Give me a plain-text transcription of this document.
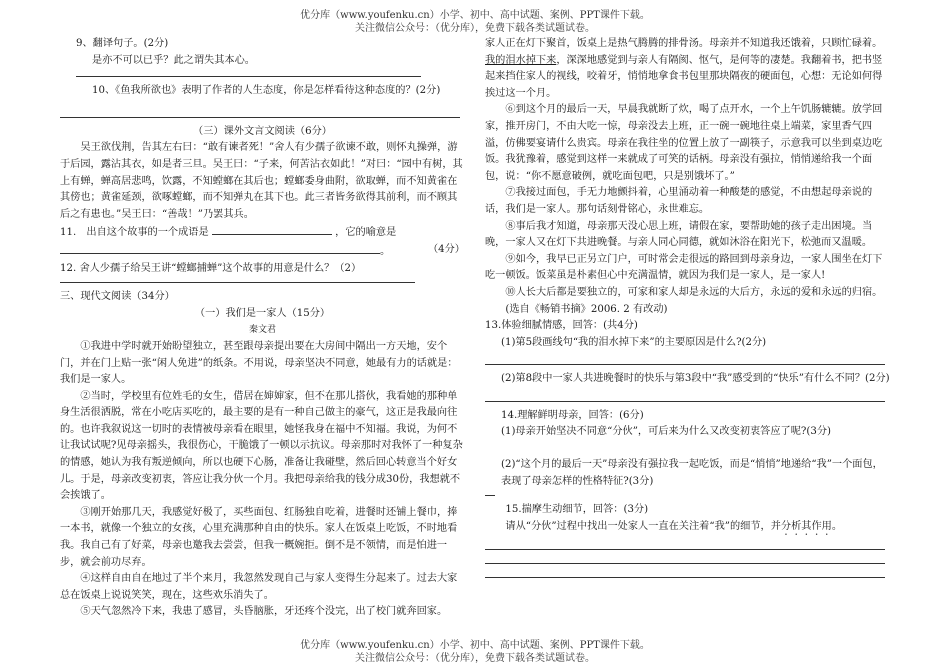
优分库（www.youfenku.cn）小学、初中、高中试题、案例、PPT课件下载。
关注微信公众号：（优分库），免费下载各类试题试卷。

9、翻译句子。(2分)

是亦不可以已乎？此之谓失其本心。

10、《鱼我所欲也》表明了作者的人生态度，你是怎样看待这种态度的？(2分)

（三）课外文言文阅读（6分）

吴王欲伐荆，告其左右曰：“敢有谏者死！”舍人有少孺子欲谏不敢，则怀丸操弹，游于后园，露沾其衣，如是者三旦。吴王曰：“子来，何苦沾衣如此！”对曰：“园中有树，其上有蝉，蝉高居悲鸣，饮露，不知螳螂在其后也；螳螂委身曲附，欲取蝉，而不知黄雀在其傍也；黄雀延颈，欲啄螳螂，而不知弹丸在其下也。此三者皆务欲得其前利，而不顾其后之有患也。”吴王曰：“善哉！”乃罢其兵。

11.　出自这个故事的一个成语是	，它的喻意是

。	（4分）

12. 舍人少孺子给吴王讲“螳螂捕蝉”这个故事的用意是什么？（2）

三、现代文阅读（34分）

（一）我们是一家人（15分）

秦文君

①我进中学时就开始盼望独立，甚至跟母亲提出要在大房间中隔出一方天地，安个门，并在门上贴一张“闲人免进”的纸条。不用说，母亲坚决不同意，她最有力的话就是：我们是一家人。

②当时，学校里有位姓毛的女生，借居在婶婶家，但不在那儿搭伙，我看她的那种单身生活很洒脱，常在小吃店买吃的，最主要的是有一种自己做主的豪气，这正是我最向往的。也许我叙说这一切时的表情被母亲看在眼里，她怪我身在福中不知福。我说，为何不让我试试呢?见母亲摇头，我很伤心，干脆饿了一顿以示抗议。母亲那时对我怀了一种复杂的情感，她认为我有叛逆倾向，所以也硬下心肠，准备让我碰壁，然后回心转意当个好女儿。于是，母亲改变初衷，答应让我分伙一个月。我把母亲给我的钱分成30份，我想就不会挨饿了。

③刚开始那几天，我感觉好极了，买些面包、红肠独自吃着，进餐时还铺上餐巾，捧一本书，就像一个独立的女孩，心里充满那种自由的快乐。家人在饭桌上吃饭，不时地看我。我自己有了好菜，母亲也邀我去尝尝，但我一概婉拒。倒不是不领情，而是怕进一步，就会前功尽弃。

④这样自由自在地过了半个来月，我忽然发现自己与家人变得生分起来了。过去大家总在饭桌上说说笑笑，现在，这些欢乐消失了。

⑤天气忽然冷下来，我患了感冒，头昏脑胀，牙还疼个没完，出了校门就奔回家。

家人正在灯下聚首，饭桌上是热气腾腾的排骨汤。母亲并不知道我还饿着，只顾忙碌着。我的泪水掉下来，深深地感觉到与亲人有隔阂、怄气，是何等的凄楚。我翻着书，把书竖起来挡住家人的视线，咬着牙，悄悄地拿食书包里那块隔夜的硬面包，心想：无论如何得挨过这一个月。

⑥到这个月的最后一天，早晨我就断了炊，喝了点开水，一个上午饥肠辘辘。放学回家，推开房门，不由大吃一惊，母亲没去上班，正一碗一碗地往桌上端菜，家里香气四溢，仿佛要宴请什么贵宾。母亲在我往坐的位置上放了一副筷子，示意我可以坐到桌边吃饭。我犹豫着，感觉到这样一来就成了可笑的话柄。母亲没有强拉，悄悄递给我一个面包，说：“你不愿意破例，就吃面包吧，只是别饿坏了。”

⑦我接过面包，手无力地颤抖着，心里涌动着一种酸楚的感觉，不由想起母亲说的话，我们是一家人。那句话刻骨铭心，永世难忘。

⑧事后我才知道，母亲那天没心思上班，请假在家，要帮助她的孩子走出困境。当晚，一家人又在灯下共进晚餐。与亲人同心同德，就如沐浴在阳光下，松弛而又温暖。

⑨如今，我早已正另立门户，可时常会走很远的路回到母亲身边，一家人围坐在灯下吃一顿饭。饭菜虽是朴素但心中充满温情，就因为我们是一家人，是一家人!

⑩人长大后都是要独立的，可家和家人却是永远的大后方，永远的爱和永远的归宿。

(选自《畅销书摘》2006. 2 有改动)

13.体验细腻情感，回答：(共4分)

(1)第5段画线句“我的泪水掉下来”的主要原因是什么?(2分)

(2)第8段中一家人共进晚餐时的快乐与第3段中“我”感受到的“快乐”有什么不同？(2分)

14.理解鲜明母亲，回答：(6分)

(1)母亲开始坚决不同意“分伙”，可后来为什么又改变初衷答应了呢?(3分)

(2)“这个月的最后一天”母亲没有强拉我一起吃饭，而是“悄悄”地递给“我”一个面包，表现了母亲怎样的性格特征?(3分)

15.揣摩生动细节，回答：(3分)

请从“分伙”过程中找出一处家人一直在关注着“我”的细节，并分析其作用。

优分库（www.youfenku.cn）小学、初中、高中试题、案例、PPT课件下载。
关注微信公众号：（优分库），免费下载各类试题试卷。
